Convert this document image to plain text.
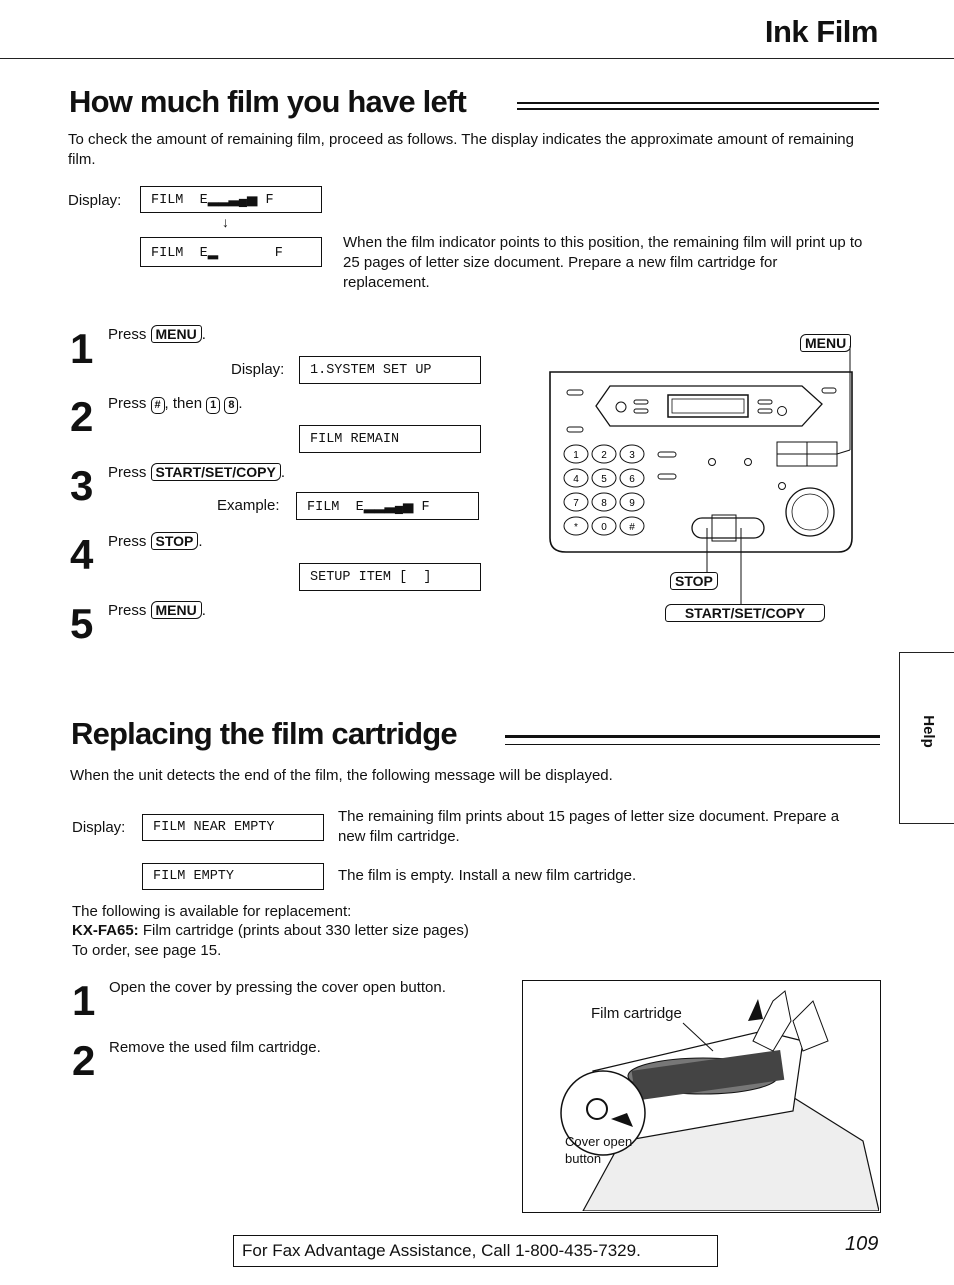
Ink Film
How much film you have left
To check the amount of remaining film, proceed as follows. The display indicates the approximate amount of remaining film.
Display:	FILM  E▂▂▃▄▅ F
↓
FILM  E▂       F
When the film indicator points to this position, the remaining film will print up to 25 pages of letter size document. Prepare a new film cartridge for replacement.
1 Press MENU .
Display:	1.SYSTEM SET UP
2 Press # , then 1 8 .
FILM REMAIN
3 Press START/SET/COPY .
Example:	FILM  E▂▂▃▄▅ F
4 Press STOP .
SETUP ITEM [  ]
5 Press MENU .
1 2 3
4 5 6
7 8 9
* 0 #
MENU
STOP
START/SET/COPY
Replacing the film cartridge
When the unit detects the end of the film, the following message will be displayed.
Display:	FILM NEAR EMPTY
The remaining film prints about 15 pages of letter size document. Prepare a new film cartridge.
FILM EMPTY	The film is empty. Install a new film cartridge.
The following is available for replacement:
KX-FA65: Film cartridge (prints about 330 letter size pages)
To order, see page 15.
1 Open the cover by pressing the cover open button.
2 Remove the used film cartridge.
Film cartridge
Cover open button
Help
For Fax Advantage Assistance, Call 1-800-435-7329.	109
